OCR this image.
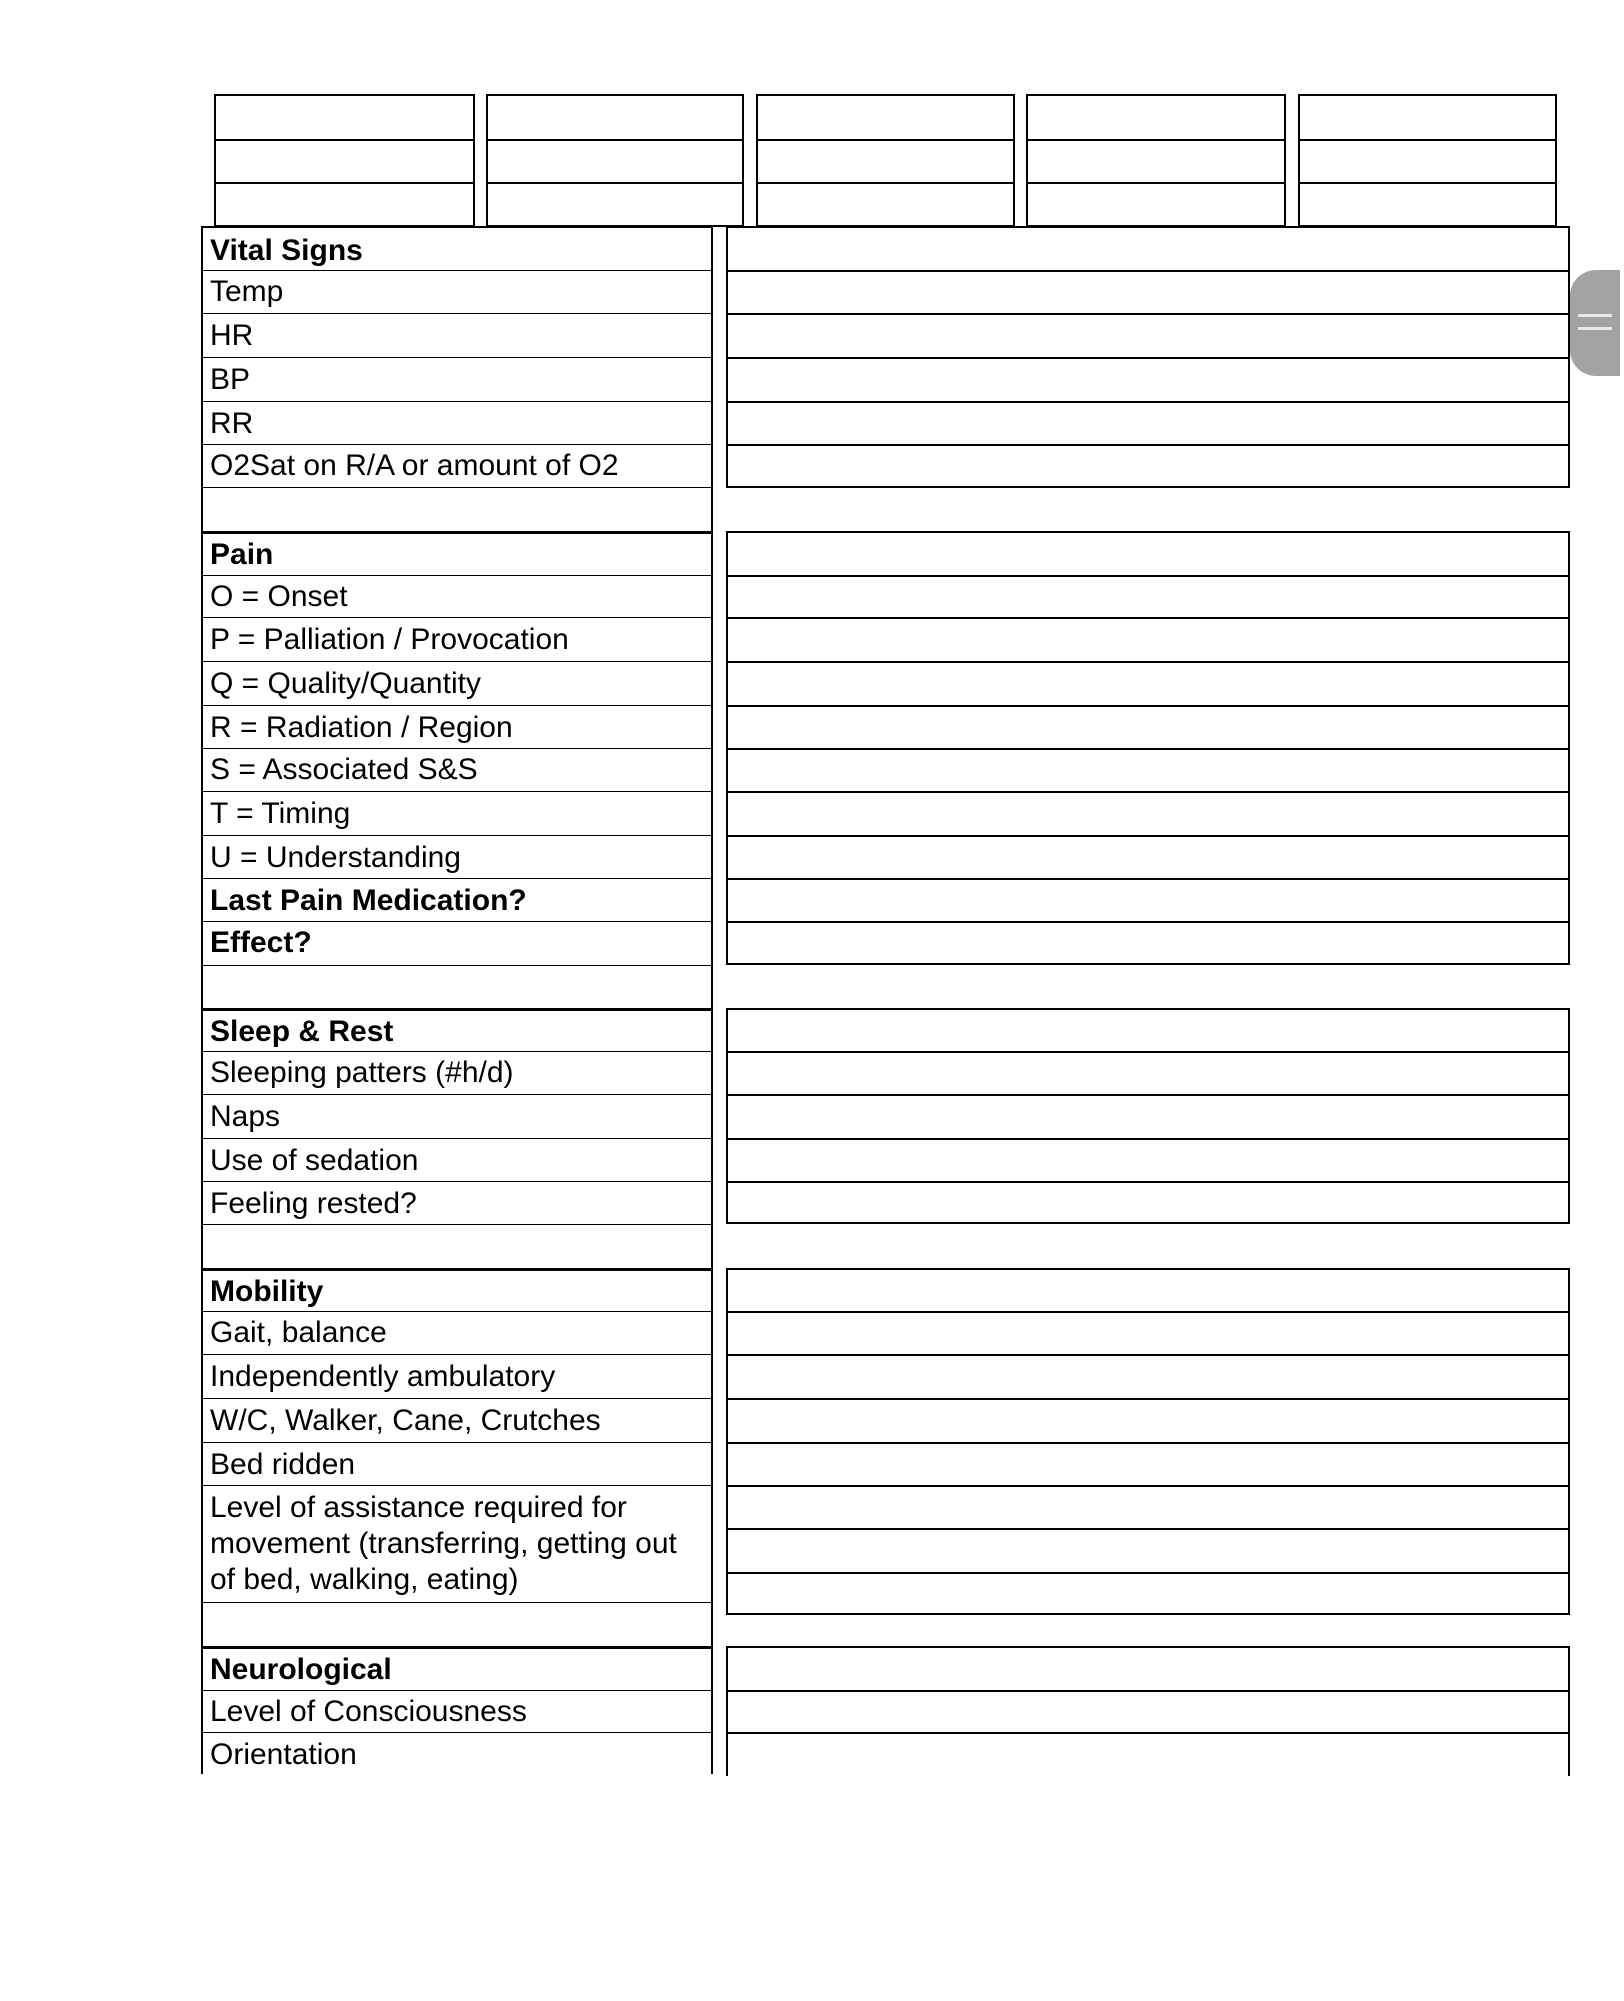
Vital Signs
Temp
HR
BP
RR
O2Sat on R/A or amount of O2
Pain
O = Onset
P = Palliation / Provocation
Q = Quality/Quantity
R = Radiation / Region
S = Associated S&S
T = Timing
U = Understanding
Last Pain Medication?
Effect?
Sleep & Rest
Sleeping patters (#h/d)
Naps
Use of sedation
Feeling rested?
Mobility
Gait, balance
Independently ambulatory
W/C, Walker, Cane, Crutches
Bed ridden
Level of assistance required for movement (transferring, getting out of bed, walking, eating)
Neurological
Level of Consciousness
Orientation
